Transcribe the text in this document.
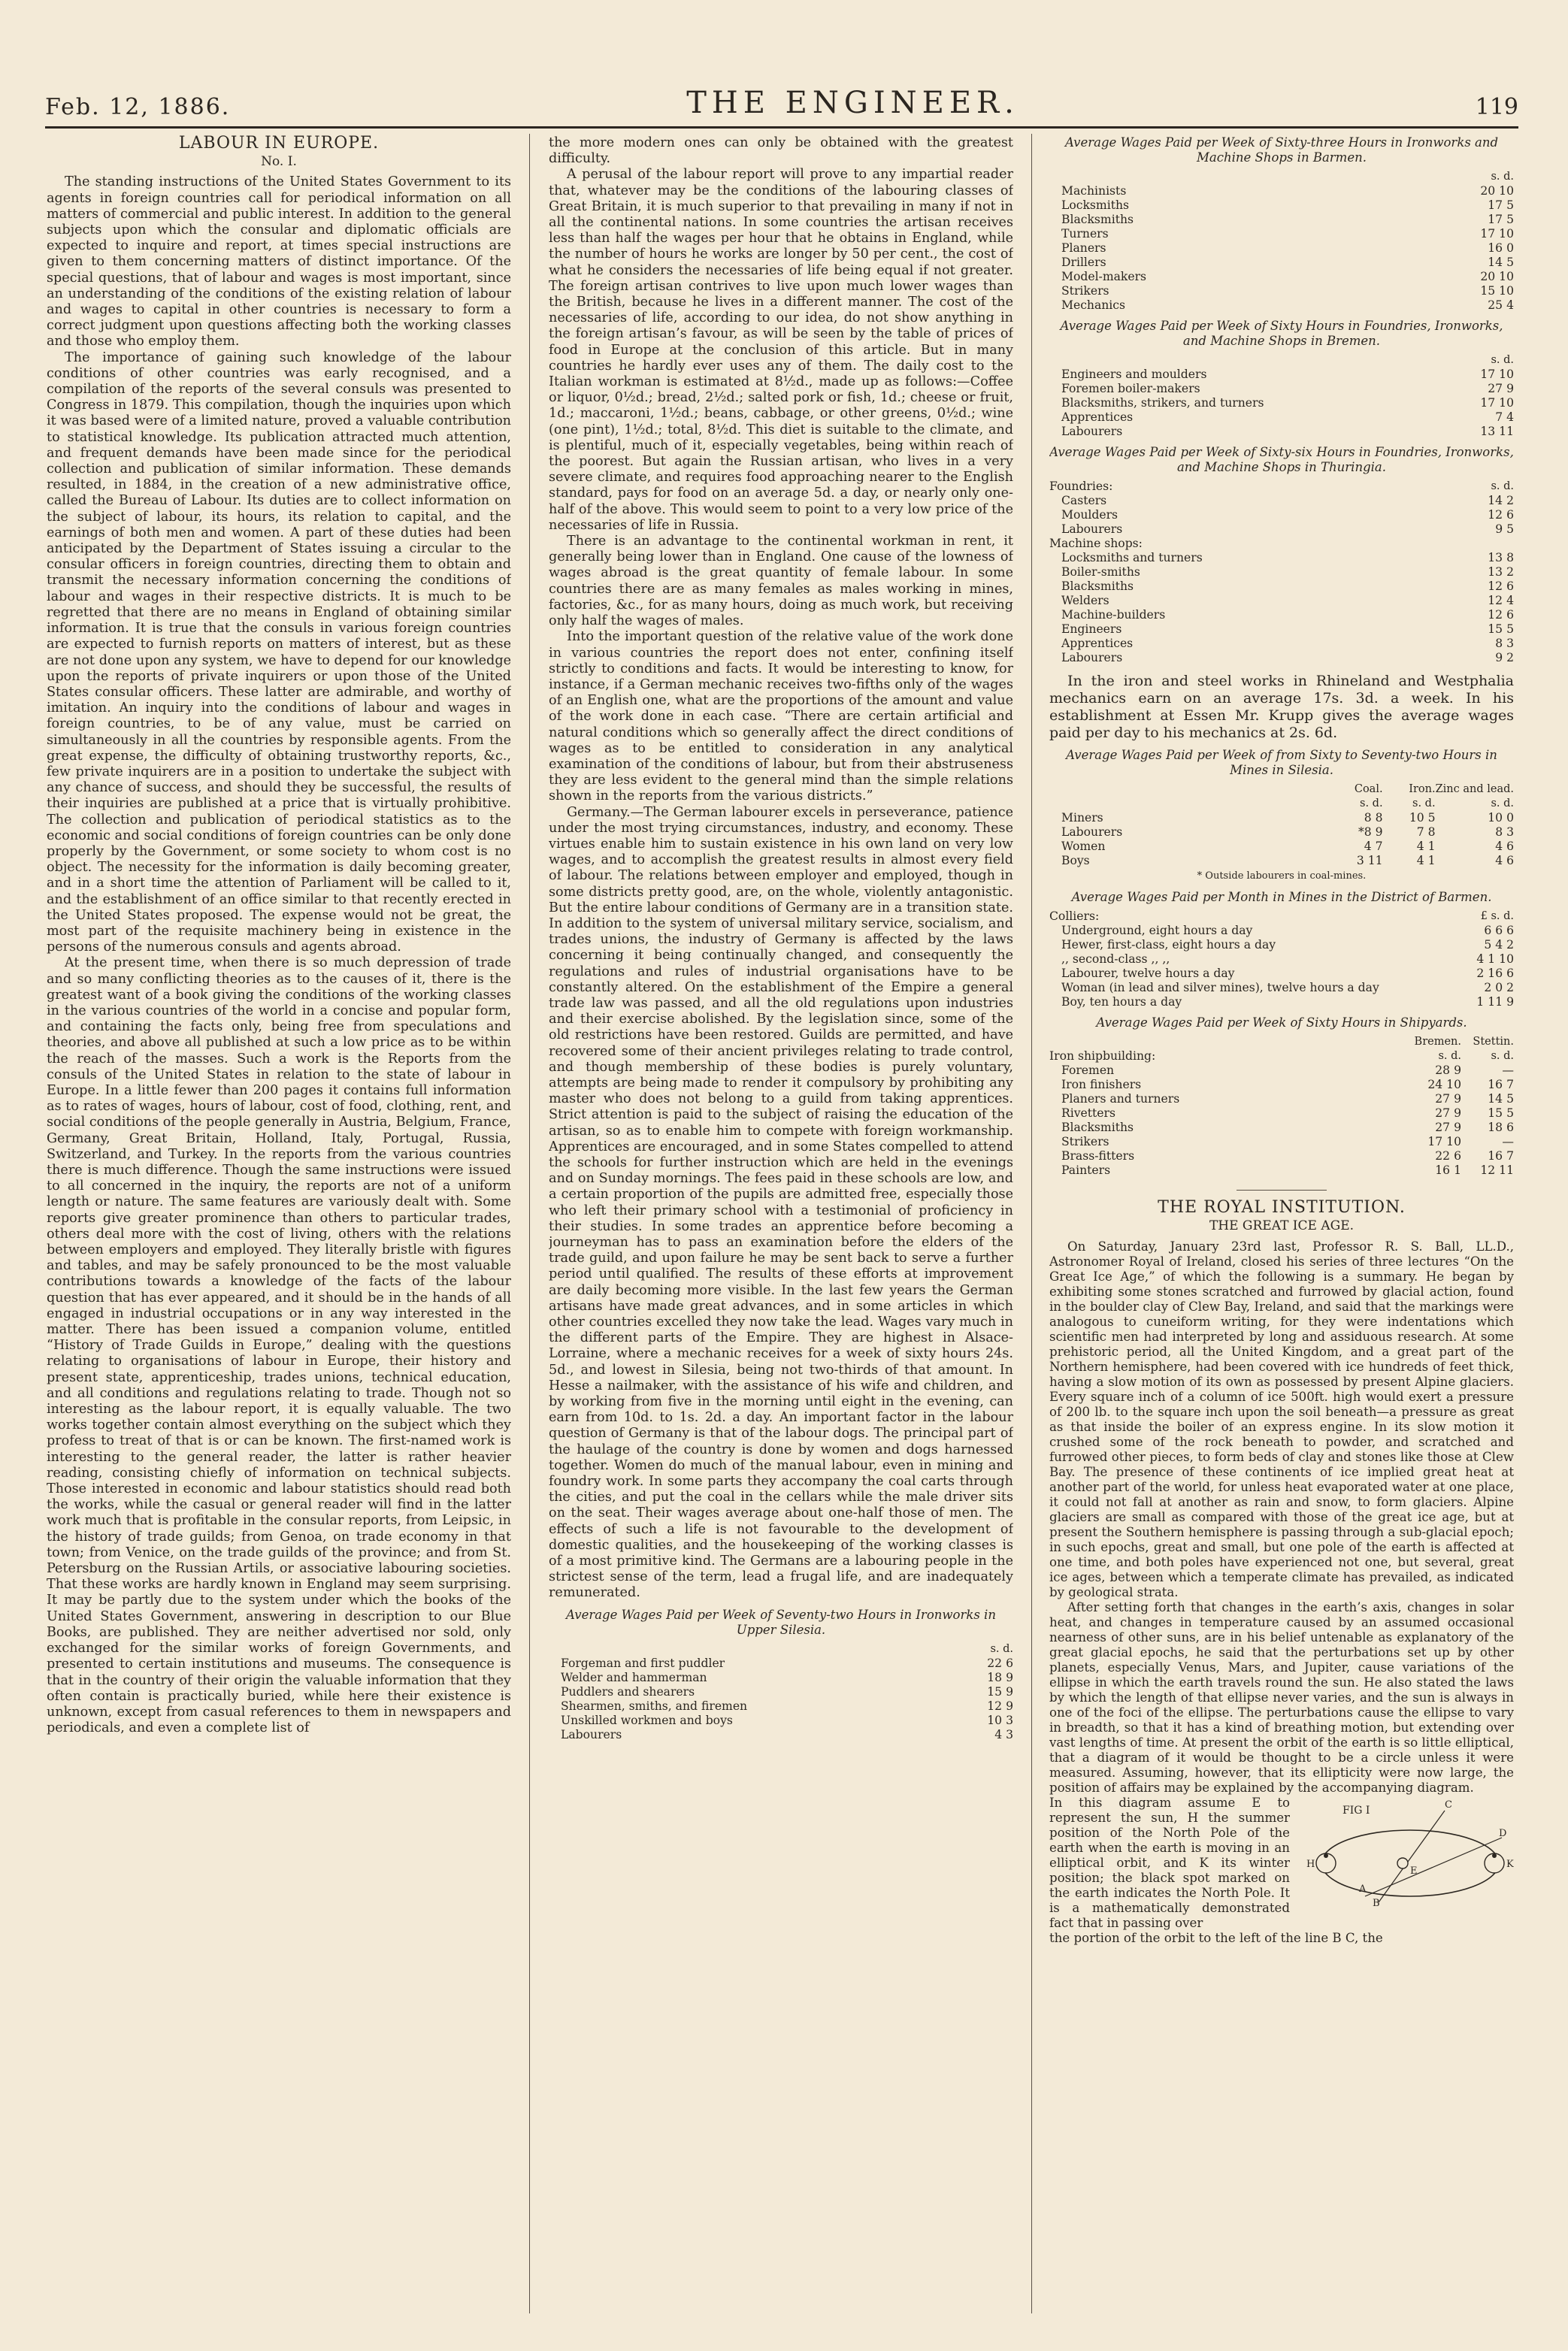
Feb. 12, 1886.	THE ENGINEER.	119
LABOUR IN EUROPE.
No. I.

The standing instructions of the United States Government to its agents in foreign countries call for periodical information on all matters of commercial and public interest. In addition to the general subjects upon which the consular and diplomatic officials are expected to inquire and report, at times special instructions are given to them concerning matters of distinct importance. Of the special questions, that of labour and wages is most important, since an understanding of the conditions of the existing relation of labour and wages to capital in other countries is necessary to form a correct judgment upon questions affecting both the working classes and those who employ them.

The importance of gaining such knowledge of the labour conditions of other countries was early recognised, and a compilation of the reports of the several consuls was presented to Congress in 1879. This compilation, though the inquiries upon which it was based were of a limited nature, proved a valuable contribution to statistical knowledge. Its publication attracted much attention, and frequent demands have been made since for the periodical collection and publication of similar information. These demands resulted, in 1884, in the creation of a new administrative office, called the Bureau of Labour. Its duties are to collect information on the subject of labour, its hours, its relation to capital, and the earnings of both men and women. A part of these duties had been anticipated by the Department of States issuing a circular to the consular officers in foreign countries, directing them to obtain and transmit the necessary information concerning the conditions of labour and wages in their respective districts. It is much to be regretted that there are no means in England of obtaining similar information. It is true that the consuls in various foreign countries are expected to furnish reports on matters of interest, but as these are not done upon any system, we have to depend for our knowledge upon the reports of private inquirers or upon those of the United States consular officers. These latter are admirable, and worthy of imitation. An inquiry into the conditions of labour and wages in foreign countries, to be of any value, must be carried on simultaneously in all the countries by responsible agents. From the great expense, the difficulty of obtaining trustworthy reports, &c., few private inquirers are in a position to undertake the subject with any chance of success, and should they be successful, the results of their inquiries are published at a price that is virtually prohibitive. The collection and publication of periodical statistics as to the economic and social conditions of foreign countries can be only done properly by the Government, or some society to whom cost is no object. The necessity for the information is daily becoming greater, and in a short time the attention of Parliament will be called to it, and the establishment of an office similar to that recently erected in the United States proposed. The expense would not be great, the most part of the requisite machinery being in existence in the persons of the numerous consuls and agents abroad.

At the present time, when there is so much depression of trade and so many conflicting theories as to the causes of it, there is the greatest want of a book giving the conditions of the working classes in the various countries of the world in a concise and popular form, and containing the facts only, being free from speculations and theories, and above all published at such a low price as to be within the reach of the masses. Such a work is the Reports from the consuls of the United States in relation to the state of labour in Europe. In a little fewer than 200 pages it contains full information as to rates of wages, hours of labour, cost of food, clothing, rent, and social conditions of the people generally in Austria, Belgium, France, Germany, Great Britain, Holland, Italy, Portugal, Russia, Switzerland, and Turkey. In the reports from the various countries there is much difference. Though the same instructions were issued to all concerned in the inquiry, the reports are not of a uniform length or nature. The same features are variously dealt with. Some reports give greater prominence than others to particular trades, others deal more with the cost of living, others with the relations between employers and employed. They literally bristle with figures and tables, and may be safely pronounced to be the most valuable contributions towards a knowledge of the facts of the labour question that has ever appeared, and it should be in the hands of all engaged in industrial occupations or in any way interested in the matter. There has been issued a companion volume, entitled “History of Trade Guilds in Europe,” dealing with the questions relating to organisations of labour in Europe, their history and present state, apprenticeship, trades unions, technical education, and all conditions and regulations relating to trade. Though not so interesting as the labour report, it is equally valuable. The two works together contain almost everything on the subject which they profess to treat of that is or can be known. The first-named work is interesting to the general reader, the latter is rather heavier reading, consisting chiefly of information on technical subjects. Those interested in economic and labour statistics should read both the works, while the casual or general reader will find in the latter work much that is profitable in the consular reports, from Leipsic, in the history of trade guilds; from Genoa, on trade economy in that town; from Venice, on the trade guilds of the province; and from St. Petersburg on the Russian Artils, or associative labouring societies. That these works are hardly known in England may seem surprising. It may be partly due to the system under which the books of the United States Government, answering in description to our Blue Books, are published. They are neither advertised nor sold, only exchanged for the similar works of foreign Governments, and presented to certain institutions and museums. The consequence is that in the country of their origin the valuable information that they often contain is practically buried, while here their existence is unknown, except from casual references to them in newspapers and periodicals, and even a complete list of

the more modern ones can only be obtained with the greatest difficulty.

A perusal of the labour report will prove to any impartial reader that, whatever may be the conditions of the labouring classes of Great Britain, it is much superior to that prevailing in many if not in all the continental nations. In some countries the artisan receives less than half the wages per hour that he obtains in England, while the number of hours he works are longer by 50 per cent., the cost of what he considers the necessaries of life being equal if not greater. The foreign artisan contrives to live upon much lower wages than the British, because he lives in a different manner. The cost of the necessaries of life, according to our idea, do not show anything in the foreign artisan’s favour, as will be seen by the table of prices of food in Europe at the conclusion of this article. But in many countries he hardly ever uses any of them. The daily cost to the Italian workman is estimated at 8½d., made up as follows:—Coffee or liquor, 0½d.; bread, 2½d.; salted pork or fish, 1d.; cheese or fruit, 1d.; maccaroni, 1½d.; beans, cabbage, or other greens, 0½d.; wine (one pint), 1½d.; total, 8½d. This diet is suitable to the climate, and is plentiful, much of it, especially vegetables, being within reach of the poorest. But again the Russian artisan, who lives in a very severe climate, and requires food approaching nearer to the English standard, pays for food on an average 5d. a day, or nearly only one-half of the above. This would seem to point to a very low price of the necessaries of life in Russia.

There is an advantage to the continental workman in rent, it generally being lower than in England. One cause of the lowness of wages abroad is the great quantity of female labour. In some countries there are as many females as males working in mines, factories, &c., for as many hours, doing as much work, but receiving only half the wages of males.

Into the important question of the relative value of the work done in various countries the report does not enter, confining itself strictly to conditions and facts. It would be interesting to know, for instance, if a German mechanic receives two-fifths only of the wages of an English one, what are the proportions of the amount and value of the work done in each case. “There are certain artificial and natural conditions which so generally affect the direct conditions of wages as to be entitled to consideration in any analytical examination of the conditions of labour, but from their abstruseness they are less evident to the general mind than the simple relations shown in the reports from the various districts.”

Germany.—The German labourer excels in perseverance, patience under the most trying circumstances, industry, and economy. These virtues enable him to sustain existence in his own land on very low wages, and to accomplish the greatest results in almost every field of labour. The relations between employer and employed, though in some districts pretty good, are, on the whole, violently antagonistic. But the entire labour conditions of Germany are in a transition state. In addition to the system of universal military service, socialism, and trades unions, the industry of Germany is affected by the laws concerning it being continually changed, and consequently the regulations and rules of industrial organisations have to be constantly altered. On the establishment of the Empire a general trade law was passed, and all the old regulations upon industries and their exercise abolished. By the legislation since, some of the old restrictions have been restored. Guilds are permitted, and have recovered some of their ancient privileges relating to trade control, and though membership of these bodies is purely voluntary, attempts are being made to render it compulsory by prohibiting any master who does not belong to a guild from taking apprentices. Strict attention is paid to the subject of raising the education of the artisan, so as to enable him to compete with foreign workmanship. Apprentices are encouraged, and in some States compelled to attend the schools for further instruction which are held in the evenings and on Sunday mornings. The fees paid in these schools are low, and a certain proportion of the pupils are admitted free, especially those who left their primary school with a testimonial of proficiency in their studies. In some trades an apprentice before becoming a journeyman has to pass an examination before the elders of the trade guild, and upon failure he may be sent back to serve a further period until qualified. The results of these efforts at improvement are daily becoming more visible. In the last few years the German artisans have made great advances, and in some articles in which other countries excelled they now take the lead. Wages vary much in the different parts of the Empire. They are highest in Alsace-Lorraine, where a mechanic receives for a week of sixty hours 24s. 5d., and lowest in Silesia, being not two-thirds of that amount. In Hesse a nailmaker, with the assistance of his wife and children, and by working from five in the morning until eight in the evening, can earn from 10d. to 1s. 2d. a day. An important factor in the labour question of Germany is that of the labour dogs. The principal part of the haulage of the country is done by women and dogs harnessed together. Women do much of the manual labour, even in mining and foundry work. In some parts they accompany the coal carts through the cities, and put the coal in the cellars while the male driver sits on the seat. Their wages average about one-half those of men. The effects of such a life is not favourable to the development of domestic qualities, and the housekeeping of the working classes is of a most primitive kind. The Germans are a labouring people in the strictest sense of the term, lead a frugal life, and are inadequately remunerated.

Average Wages Paid per Week of Seventy-two Hours in Ironworks in Upper Silesia.
	s. d.
Forgeman and first puddler	22 6
Welder and hammerman	18 9
Puddlers and shearers	15 9
Shearmen, smiths, and firemen	12 9
Unskilled workmen and boys	10 3
Labourers	4 3
Average Wages Paid per Week of Sixty-three Hours in Ironworks and Machine Shops in Barmen.
	s. d.
Machinists	20 10
Locksmiths	17 5
Blacksmiths	17 5
Turners	17 10
Planers	16 0
Drillers	14 5
Model-makers	20 10
Strikers	15 10
Mechanics	25 4
Average Wages Paid per Week of Sixty Hours in Foundries, Ironworks, and Machine Shops in Bremen.
	s. d.
Engineers and moulders	17 10
Foremen boiler-makers	27 9
Blacksmiths, strikers, and turners	17 10
Apprentices	7 4
Labourers	13 11
Average Wages Paid per Week of Sixty-six Hours in Foundries, Ironworks, and Machine Shops in Thuringia.
Foundries:	s. d.
Casters	14 2
Moulders	12 6
Labourers	9 5
Machine shops:	
Locksmiths and turners	13 8
Boiler-smiths	13 2
Blacksmiths	12 6
Welders	12 4
Machine-builders	12 6
Engineers	15 5
Apprentices	8 3
Labourers	9 2

In the iron and steel works in Rhineland and Westphalia mechanics earn on an average 17s. 3d. a week. In his establishment at Essen Mr. Krupp gives the average wages paid per day to his mechanics at 2s. 6d.

Average Wages Paid per Week of from Sixty to Seventy-two Hours in Mines in Silesia.
	Coal.	Iron.	Zinc and lead.
	s. d.	s. d.	s. d.
Miners	8 8	10 5	10 0
Labourers	*8 9	7 8	8 3
Women	4 7	4 1	4 6
Boys	3 11	4 1	4 6
* Outside labourers in coal-mines.
Average Wages Paid per Month in Mines in the District of Barmen.
Colliers:	£ s. d.
Underground, eight hours a day	6 6 6
Hewer, first-class, eight hours a day	5 4 2
,, second-class ,, ,,	4 1 10
Labourer, twelve hours a day	2 16 6
Woman (in lead and silver mines), twelve hours a day	2 0 2
Boy, ten hours a day	1 11 9
Average Wages Paid per Week of Sixty Hours in Shipyards.
	Bremen.	Stettin.
Iron shipbuilding:	s. d.	s. d.
Foremen	28 9	—
Iron finishers	24 10	16 7
Planers and turners	27 9	14 5
Rivetters	27 9	15 5
Blacksmiths	27 9	18 6
Strikers	17 10	—
Brass-fitters	22 6	16 7
Painters	16 1	12 11
THE ROYAL INSTITUTION.
THE GREAT ICE AGE.

On Saturday, January 23rd last, Professor R. S. Ball, LL.D., Astronomer Royal of Ireland, closed his series of three lectures “On the Great Ice Age,” of which the following is a summary. He began by exhibiting some stones scratched and furrowed by glacial action, found in the boulder clay of Clew Bay, Ireland, and said that the markings were analogous to cuneiform writing, for they were indentations which scientific men had interpreted by long and assiduous research. At some prehistoric period, all the United Kingdom, and a great part of the Northern hemisphere, had been covered with ice hundreds of feet thick, having a slow motion of its own as possessed by present Alpine glaciers. Every square inch of a column of ice 500ft. high would exert a pressure of 200 lb. to the square inch upon the soil beneath—a pressure as great as that inside the boiler of an express engine. In its slow motion it crushed some of the rock beneath to powder, and scratched and furrowed other pieces, to form beds of clay and stones like those at Clew Bay. The presence of these continents of ice implied great heat at another part of the world, for unless heat evaporated water at one place, it could not fall at another as rain and snow, to form glaciers. Alpine glaciers are small as compared with those of the great ice age, but at present the Southern hemisphere is passing through a sub-glacial epoch; in such epochs, great and small, but one pole of the earth is affected at one time, and both poles have experienced not one, but several, great ice ages, between which a temperate climate has prevailed, as indicated by geological strata.

After setting forth that changes in the earth’s axis, changes in solar heat, and changes in temperature caused by an assumed occasional nearness of other suns, are in his belief untenable as explanatory of the great glacial epochs, he said that the perturbations set up by other planets, especially Venus, Mars, and Jupiter, cause variations of the ellipse in which the earth travels round the sun. He also stated the laws by which the length of that ellipse never varies, and the sun is always in one of the foci of the ellipse. The perturbations cause the ellipse to vary in breadth, so that it has a kind of breathing motion, but extending over vast lengths of time. At present the orbit of the earth is so little elliptical, that a diagram of it would be thought to be a circle unless it were measured. Assuming, however, that its ellipticity were now large, the position of affairs may be explained by the accompanying diagram.

In this diagram assume E to represent the sun, H the summer position of the North Pole of the earth when the earth is moving in an elliptical orbit, and K its winter position; the black spot marked on the earth indicates the North Pole. It is a mathematically demonstrated fact that in passing over
FIG I	C
D
H	K
E
A
B

the portion of the orbit to the left of the line B C, the
